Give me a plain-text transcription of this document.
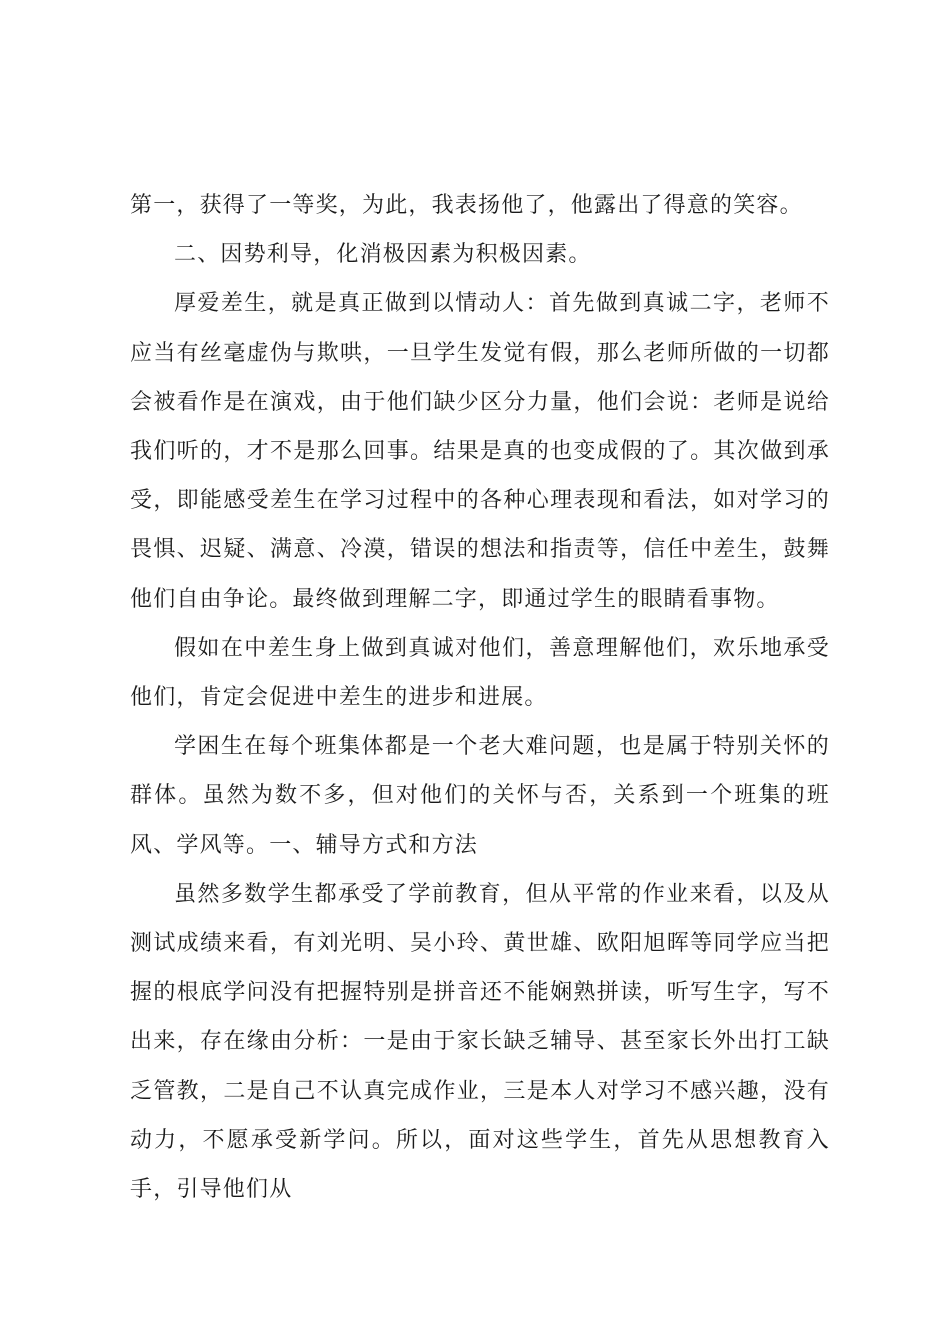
第一，获得了一等奖，为此，我表扬他了，他露出了得意的笑容。

二、因势利导，化消极因素为积极因素。

厚爱差生，就是真正做到以情动人：首先做到真诚二字，老师不应当有丝毫虚伪与欺哄，一旦学生发觉有假，那么老师所做的一切都会被看作是在演戏，由于他们缺少区分力量，他们会说：老师是说给我们听的，才不是那么回事。结果是真的也变成假的了。其次做到承受，即能感受差生在学习过程中的各种心理表现和看法，如对学习的畏惧、迟疑、满意、冷漠，错误的想法和指责等，信任中差生，鼓舞他们自由争论。最终做到理解二字，即通过学生的眼睛看事物。

假如在中差生身上做到真诚对他们，善意理解他们，欢乐地承受他们，肯定会促进中差生的进步和进展。

学困生在每个班集体都是一个老大难问题，也是属于特别关怀的群体。虽然为数不多，但对他们的关怀与否，关系到一个班集的班风、学风等。一、辅导方式和方法

虽然多数学生都承受了学前教育，但从平常的作业来看，以及从测试成绩来看，有刘光明、吴小玲、黄世雄、欧阳旭晖等同学应当把握的根底学问没有把握特别是拼音还不能娴熟拼读，听写生字，写不出来，存在缘由分析：一是由于家长缺乏辅导、甚至家长外出打工缺乏管教，二是自己不认真完成作业，三是本人对学习不感兴趣，没有动力，不愿承受新学问。所以，面对这些学生，首先从思想教育入手，引导他们从
